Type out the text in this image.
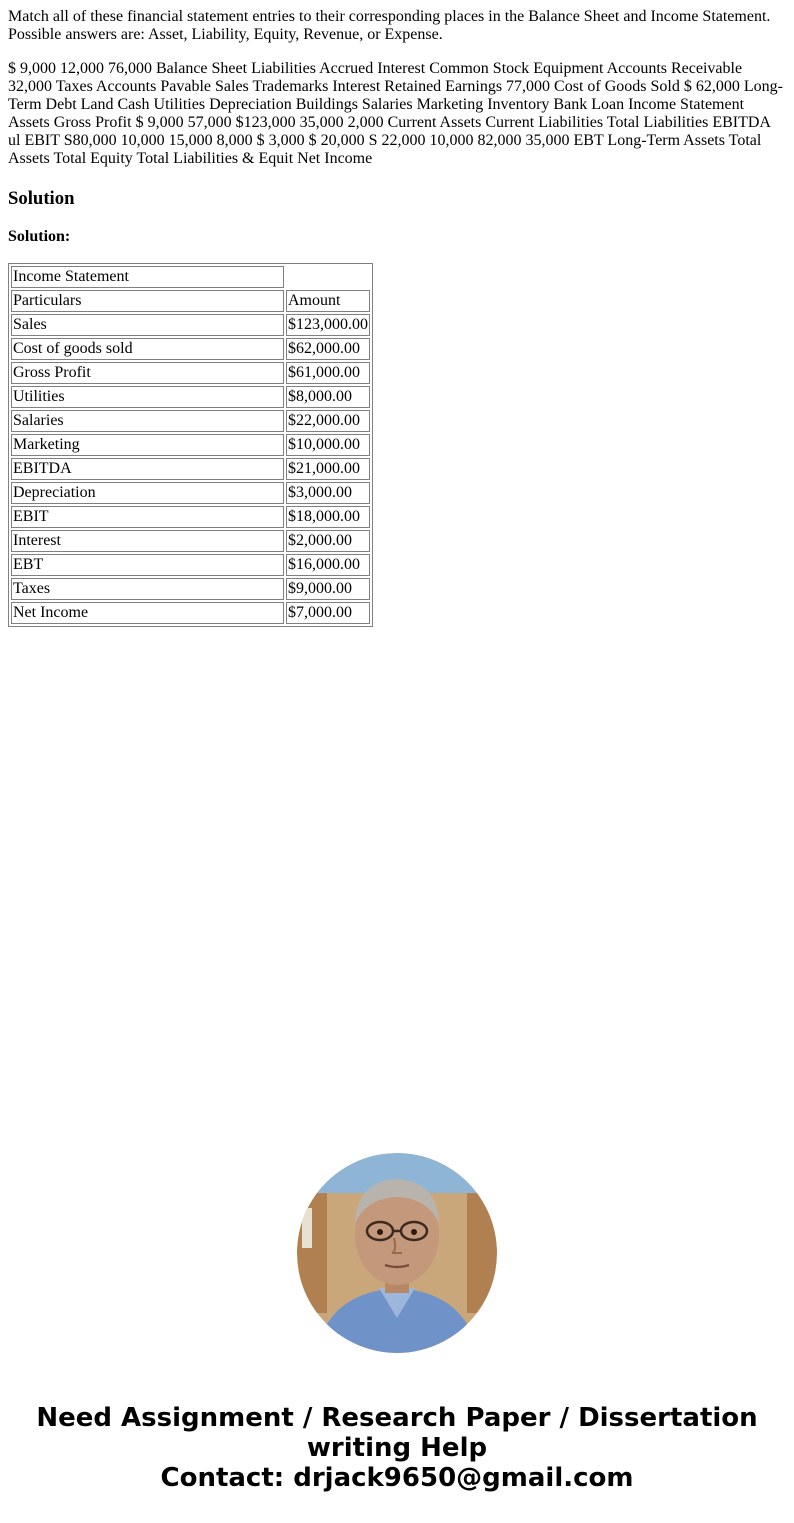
Match all of these financial statement entries to their corresponding places in the Balance Sheet and Income Statement. Possible answers are: Asset, Liability, Equity, Revenue, or Expense.

$ 9,000 12,000 76,000 Balance Sheet Liabilities Accrued Interest Common Stock Equipment Accounts Receivable 32,000 Taxes Accounts Pavable Sales Trademarks Interest Retained Earnings 77,000 Cost of Goods Sold $ 62,000 Long-Term Debt Land Cash Utilities Depreciation Buildings Salaries Marketing Inventory Bank Loan Income Statement Assets Gross Profit $ 9,000 57,000 $123,000 35,000 2,000 Current Assets Current Liabilities Total Liabilities EBITDA ul EBIT S80,000 10,000 15,000 8,000 $ 3,000 $ 20,000 S 22,000 10,000 82,000 35,000 EBT Long-Term Assets Total Assets Total Equity Total Liabilities & Equit Net Income

Solution
Solution:
Income Statement	
Particulars	Amount
Sales	$123,000.00
Cost of goods sold	$62,000.00
Gross Profit	$61,000.00
Utilities	$8,000.00
Salaries	$22,000.00
Marketing	$10,000.00
EBITDA	$21,000.00
Depreciation	$3,000.00
EBIT	$18,000.00
Interest	$2,000.00
EBT	$16,000.00
Taxes	$9,000.00
Net Income	$7,000.00
Need Assignment / Research Paper / Dissertation
writing Help
Contact: drjack9650@gmail.com
